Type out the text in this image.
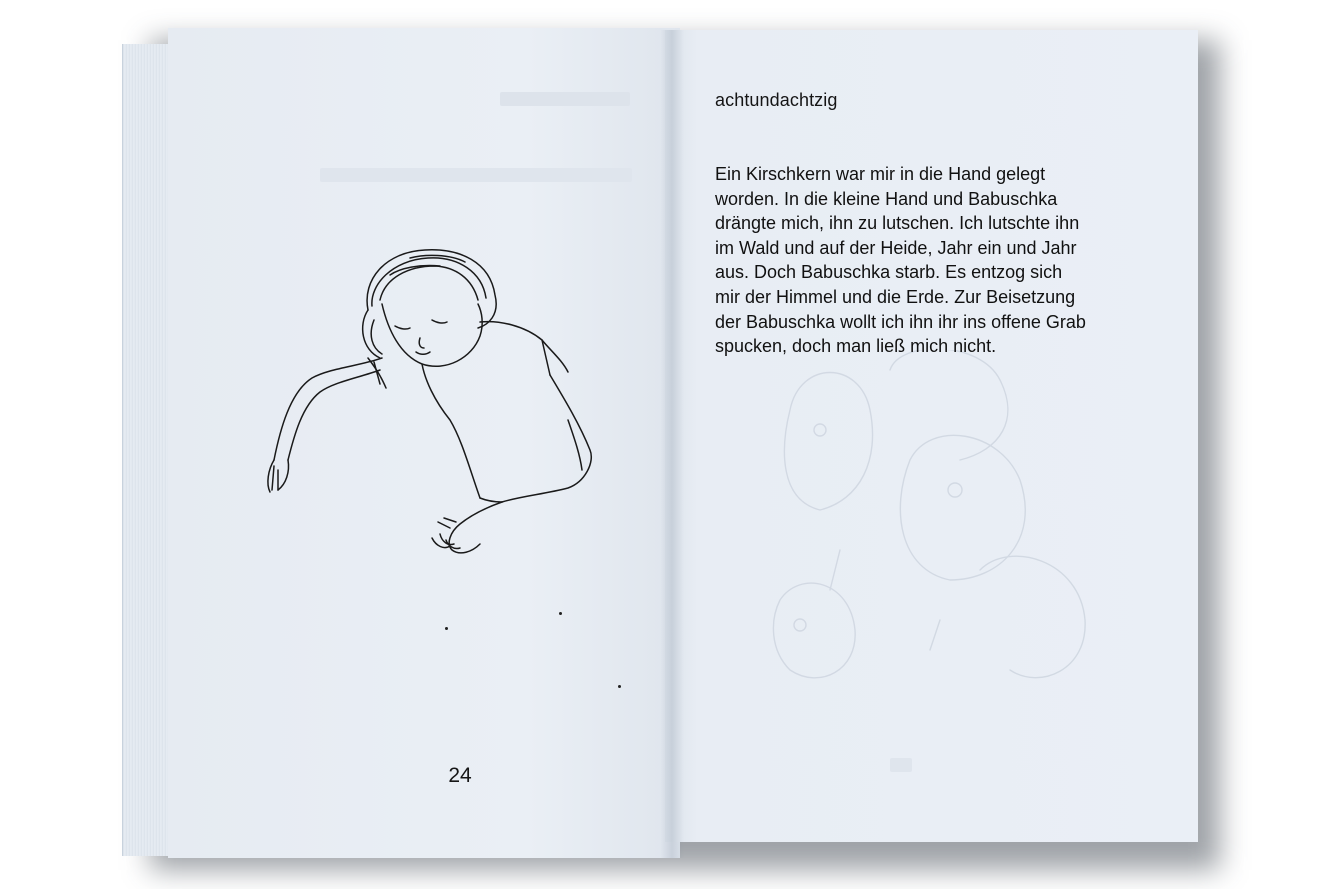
24
achtundachtzig
Ein Kirschkern war mir in die Hand gelegt
worden. In die kleine Hand und Babuschka
drängte mich, ihn zu lutschen. Ich lutschte ihn
im Wald und auf der Heide, Jahr ein und Jahr
aus. Doch Babuschka starb. Es entzog sich
mir der Himmel und die Erde. Zur Beisetzung
der Babuschka wollt ich ihn ihr ins offene Grab
spucken, doch man ließ mich nicht.
